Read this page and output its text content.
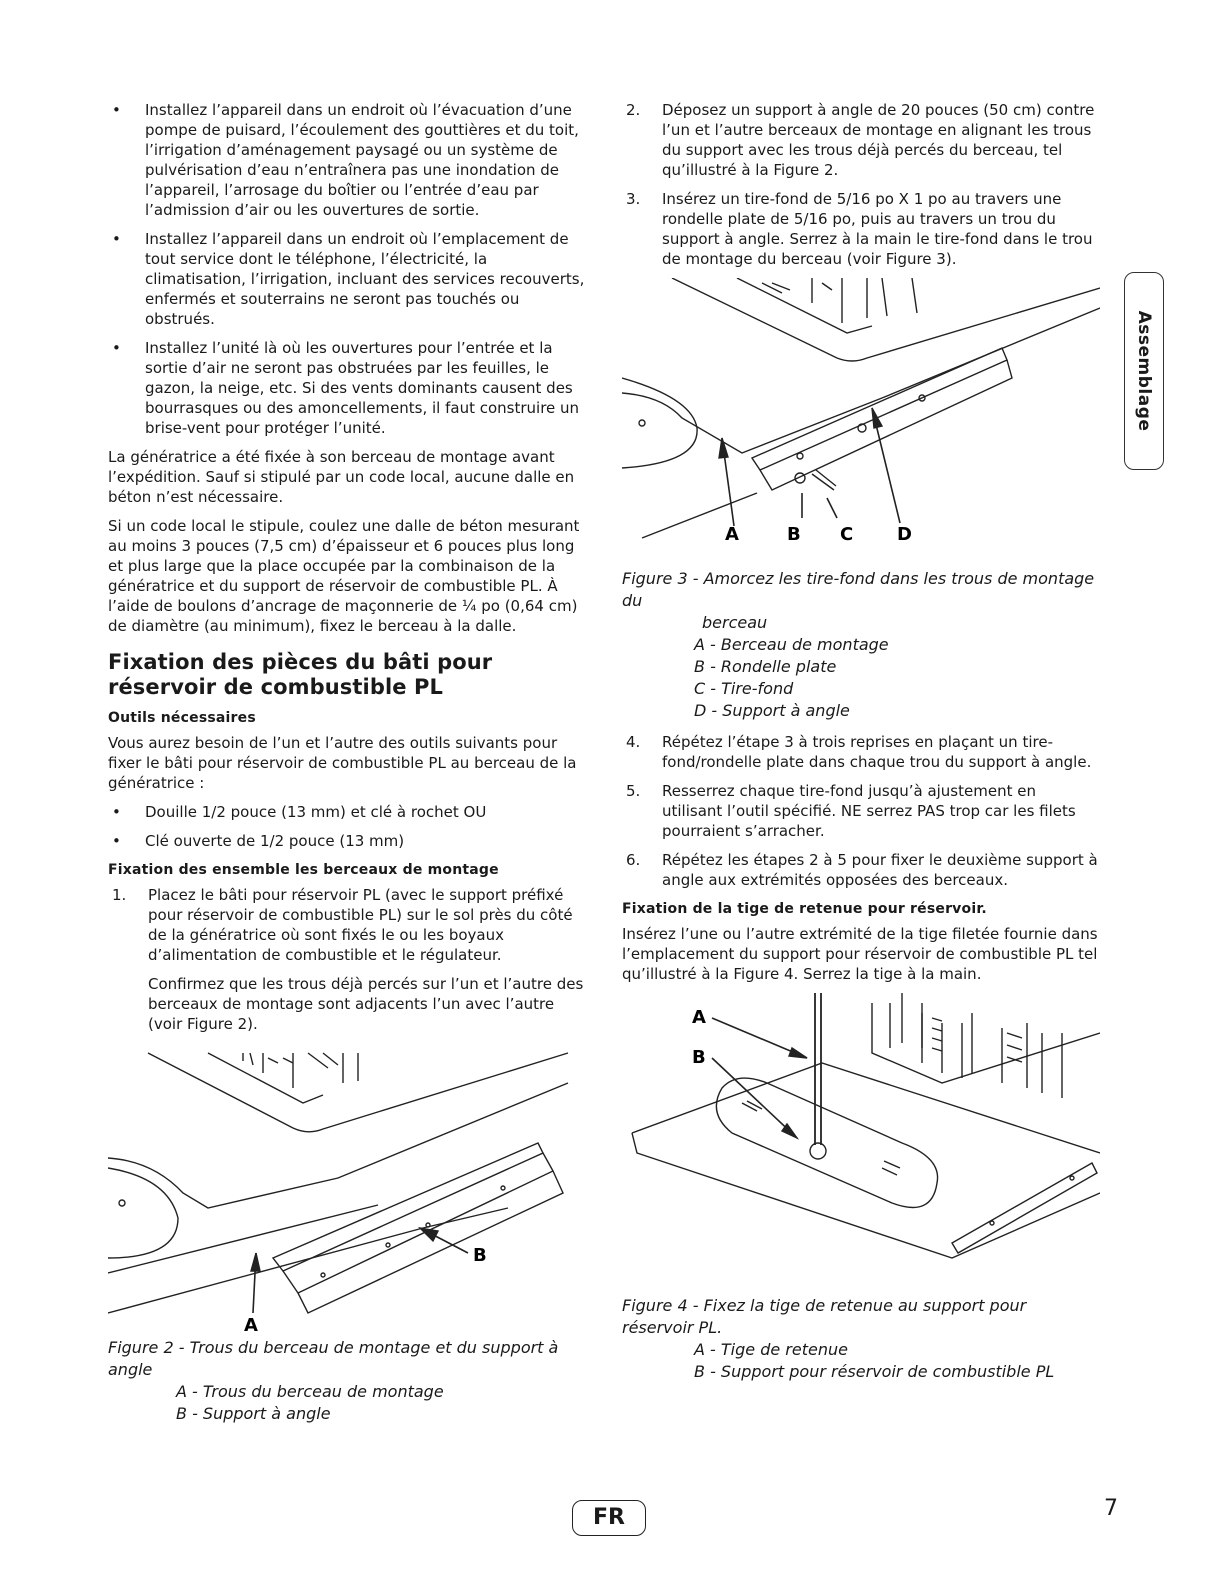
• Installez l’appareil dans un endroit où l’évacuation d’une pompe de puisard, l’écoulement des gouttières et du toit, l’irrigation d’aménagement paysagé ou un système de pulvérisation d’eau n’entraînera pas une inondation de l’appareil, l’arrosage du boîtier ou l’entrée d’eau par l’admission d’air ou les ouvertures de sortie.
• Installez l’appareil dans un endroit où l’emplacement de tout service dont le téléphone, l’électricité, la climatisation, l’irrigation, incluant des services recouverts, enfermés et souterrains ne seront pas touchés ou obstrués.
• Installez l’unité là où les ouvertures pour l’entrée et la sortie d’air ne seront pas obstruées par les feuilles, le gazon, la neige, etc. Si des vents dominants causent des bourrasques ou des amoncellements, il faut construire un brise-vent pour protéger l’unité.

La génératrice a été fixée à son berceau de montage avant l’expédition. Sauf si stipulé par un code local, aucune dalle en béton n’est nécessaire.

Si un code local le stipule, coulez une dalle de béton mesurant au moins 3 pouces (7,5 cm) d’épaisseur et 6 pouces plus long et plus large que la place occupée par la combinaison de la génératrice et du support de réservoir de combustible PL. À l’aide de boulons d’ancrage de maçonnerie de ¼ po (0,64 cm) de diamètre (au minimum), fixez le berceau à la dalle.

Fixation des pièces du bâti pour réservoir de combustible PL
Outils nécessaires

Vous aurez besoin de l’un et l’autre des outils suivants pour fixer le bâti pour réservoir de combustible PL au berceau de la génératrice :

• Douille 1/2 pouce (13 mm) et clé à rochet OU
• Clé ouverte de 1/2 pouce (13 mm)
Fixation des ensemble les berceaux de montage
1. Placez le bâti pour réservoir PL (avec le support préfixé pour réservoir de combustible PL) sur le sol près du côté de la génératrice où sont fixés le ou les boyaux d’alimentation de combustible et le régulateur.
Confirmez que les trous déjà percés sur l’un et l’autre des berceaux de montage sont adjacents l’un avec l’autre (voir Figure 2).
A
B
Figure 2 - Trous du berceau de montage et du support à angle
A - Trous du berceau de montage
B - Support à angle
2. Déposez un support à angle de 20 pouces (50 cm) contre l’un et l’autre berceaux de montage en alignant les trous du support avec les trous déjà percés du berceau, tel qu’illustré à la Figure 2.
3. Insérez un tire-fond de 5/16 po X 1 po au travers une rondelle plate de 5/16 po, puis au travers un trou du support à angle. Serrez à la main le tire-fond dans le trou de montage du berceau (voir Figure 3).
A	B C D
Figure 3 - Amorcez les tire-fond dans les trous de montage du
berceau
A - Berceau de montage
B - Rondelle plate
C - Tire-fond
D - Support à angle
4. Répétez l’étape 3 à trois reprises en plaçant un tire-fond/rondelle plate dans chaque trou du support à angle.
5. Resserrez chaque tire-fond jusqu’à ajustement en utilisant l’outil spécifié. NE serrez PAS trop car les filets pourraient s’arracher.
6. Répétez les étapes 2 à 5 pour fixer le deuxième support à angle aux extrémités opposées des berceaux.
Fixation de la tige de retenue pour réservoir.

Insérez l’une ou l’autre extrémité de la tige filetée fournie dans l’emplacement du support pour réservoir de combustible PL tel qu’illustré à la Figure 4. Serrez la tige à la main.

A
B
Figure 4 - Fixez la tige de retenue au support pour réservoir PL.
A - Tige de retenue
B - Support pour réservoir de combustible PL
Assemblage
FR	7
